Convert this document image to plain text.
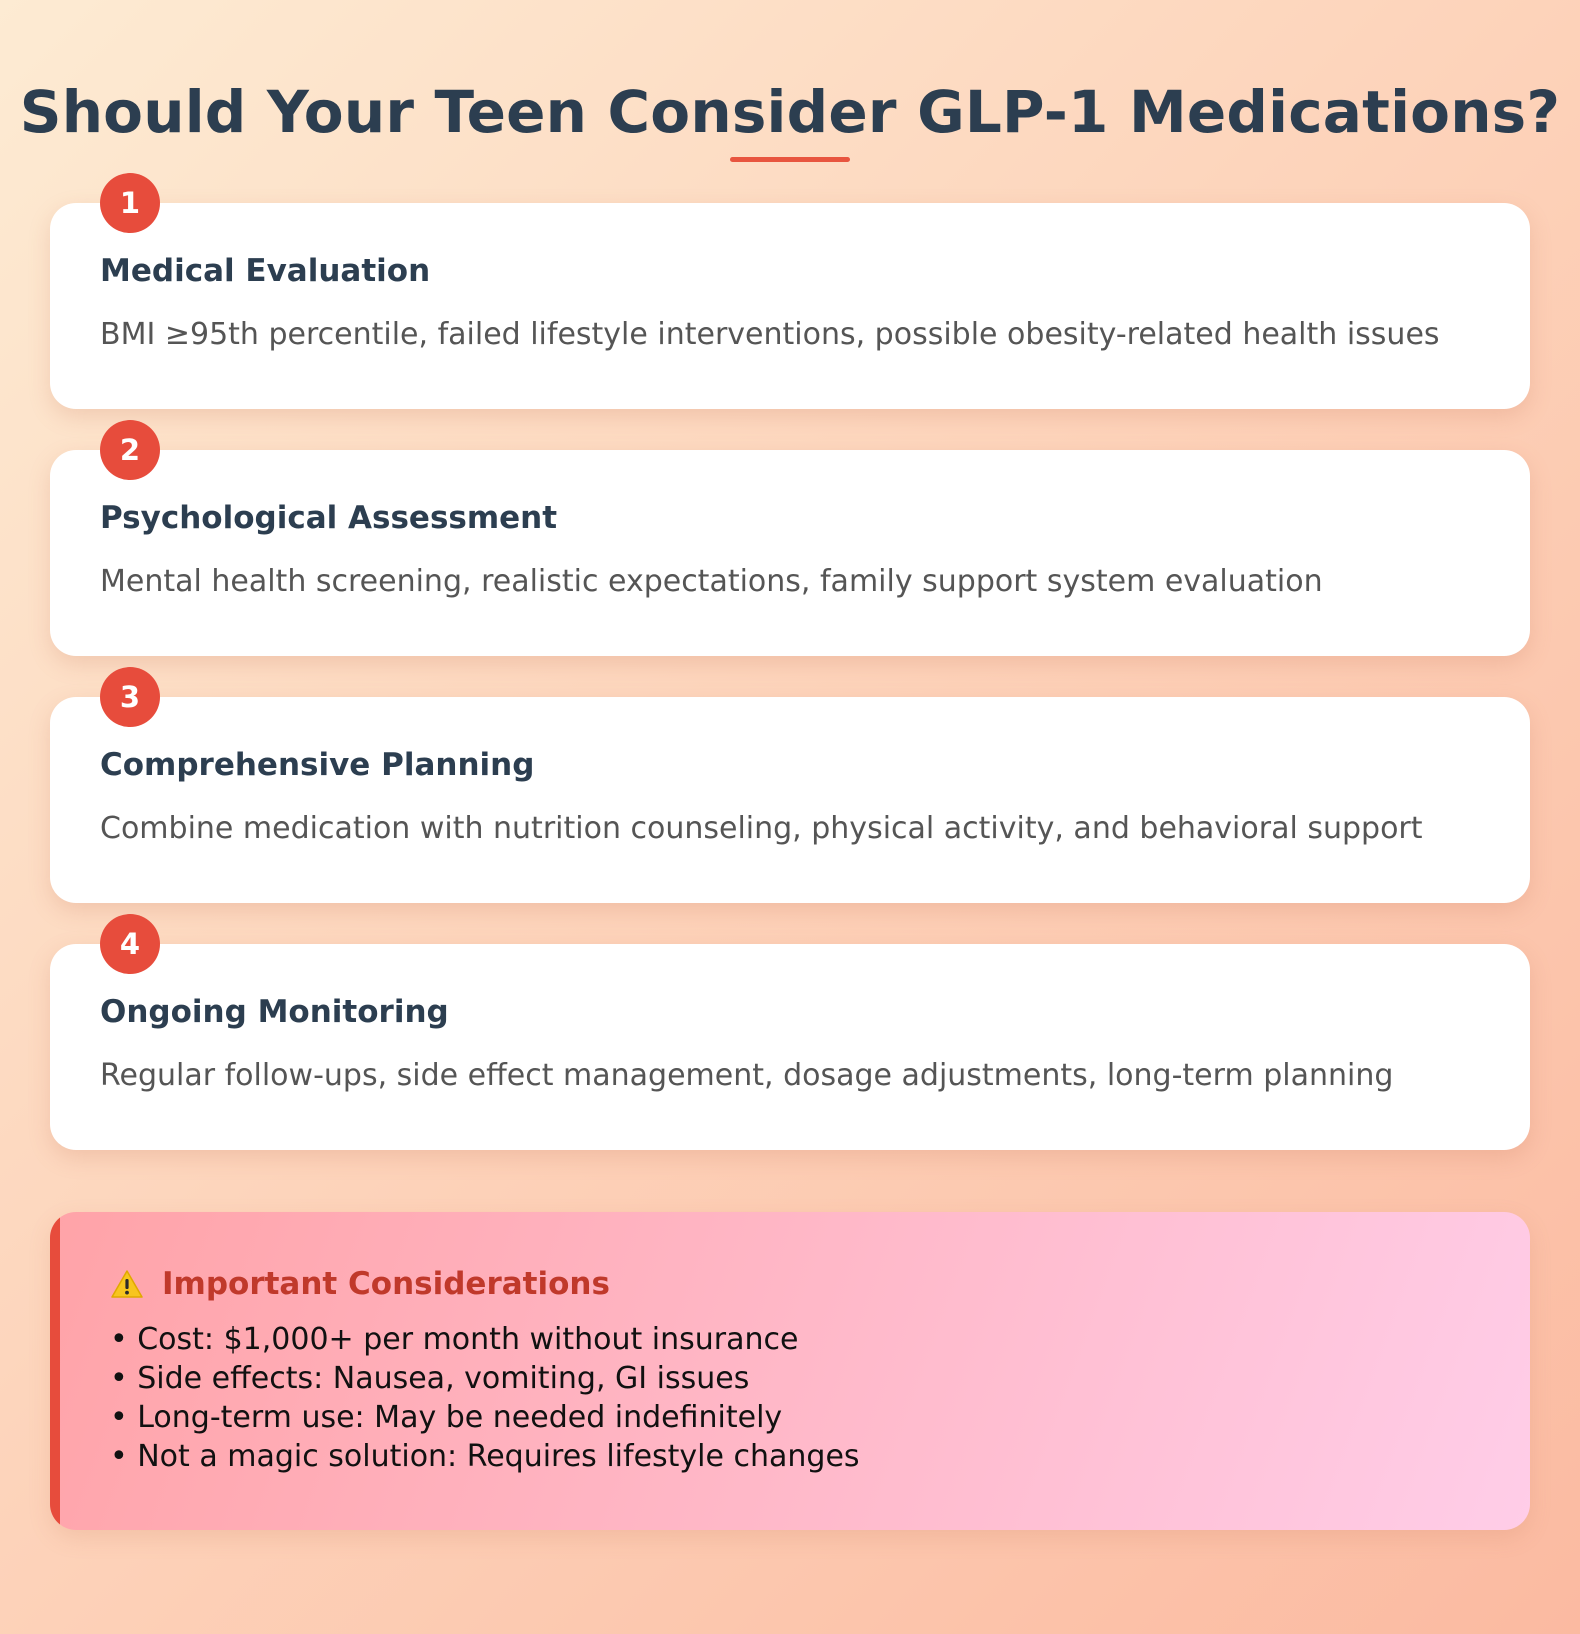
Should Your Teen Consider GLP-1 Medications?
1
Medical Evaluation

BMI ≥95th percentile, failed lifestyle interventions, possible obesity-related health issues

2
Psychological Assessment

Mental health screening, realistic expectations, family support system evaluation

3
Comprehensive Planning

Combine medication with nutrition counseling, physical activity, and behavioral support

4
Ongoing Monitoring

Regular follow-ups, side effect management, dosage adjustments, long-term planning

Important Considerations
• Cost: $1,000+ per month without insurance
• Side effects: Nausea, vomiting, GI issues
• Long-term use: May be needed indefinitely
• Not a magic solution: Requires lifestyle changes
